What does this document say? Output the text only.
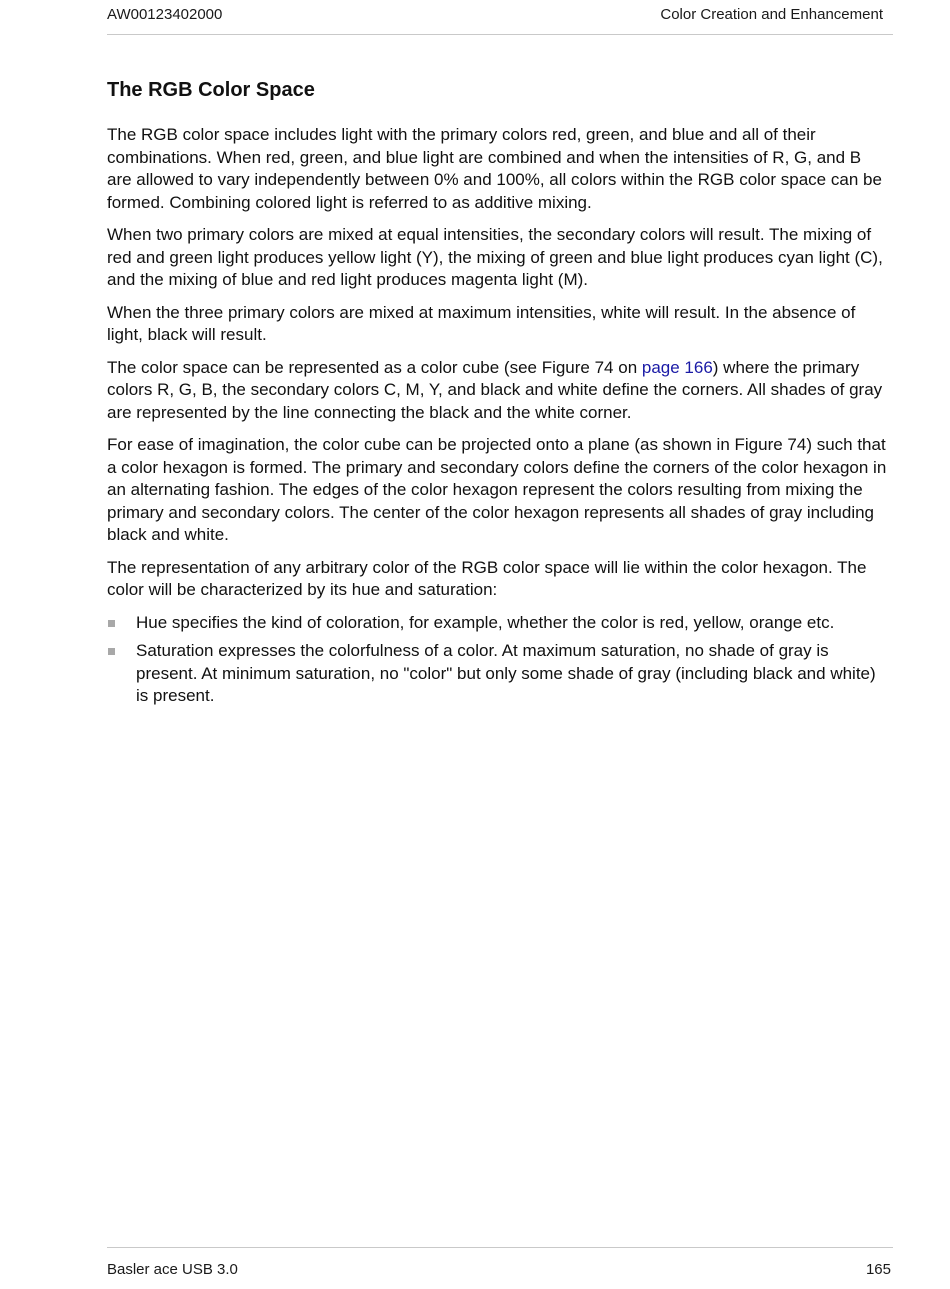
AW00123402000	Color Creation and Enhancement
The RGB Color Space

The RGB color space includes light with the primary colors red, green, and blue and all of their combinations. When red, green, and blue light are combined and when the intensities of R, G, and B are allowed to vary independently between 0% and 100%, all colors within the RGB color space can be formed. Combining colored light is referred to as additive mixing.

When two primary colors are mixed at equal intensities, the secondary colors will result. The mixing of red and green light produces yellow light (Y), the mixing of green and blue light produces cyan light (C), and the mixing of blue and red light produces magenta light (M).

When the three primary colors are mixed at maximum intensities, white will result. In the absence of light, black will result.

The color space can be represented as a color cube (see Figure 74 on page 166) where the primary colors R, G, B, the secondary colors C, M, Y, and black and white define the corners. All shades of gray are represented by the line connecting the black and the white corner.

For ease of imagination, the color cube can be projected onto a plane (as shown in Figure 74) such that a color hexagon is formed. The primary and secondary colors define the corners of the color hexagon in an alternating fashion. The edges of the color hexagon represent the colors resulting from mixing the primary and secondary colors. The center of the color hexagon represents all shades of gray including black and white.

The representation of any arbitrary color of the RGB color space will lie within the color hexagon. The color will be characterized by its hue and saturation:

Hue specifies the kind of coloration, for example, whether the color is red, yellow, orange etc.
Saturation expresses the colorfulness of a color. At maximum saturation, no shade of gray is present. At minimum saturation, no "color" but only some shade of gray (including black and white) is present.
Basler ace USB 3.0	165
